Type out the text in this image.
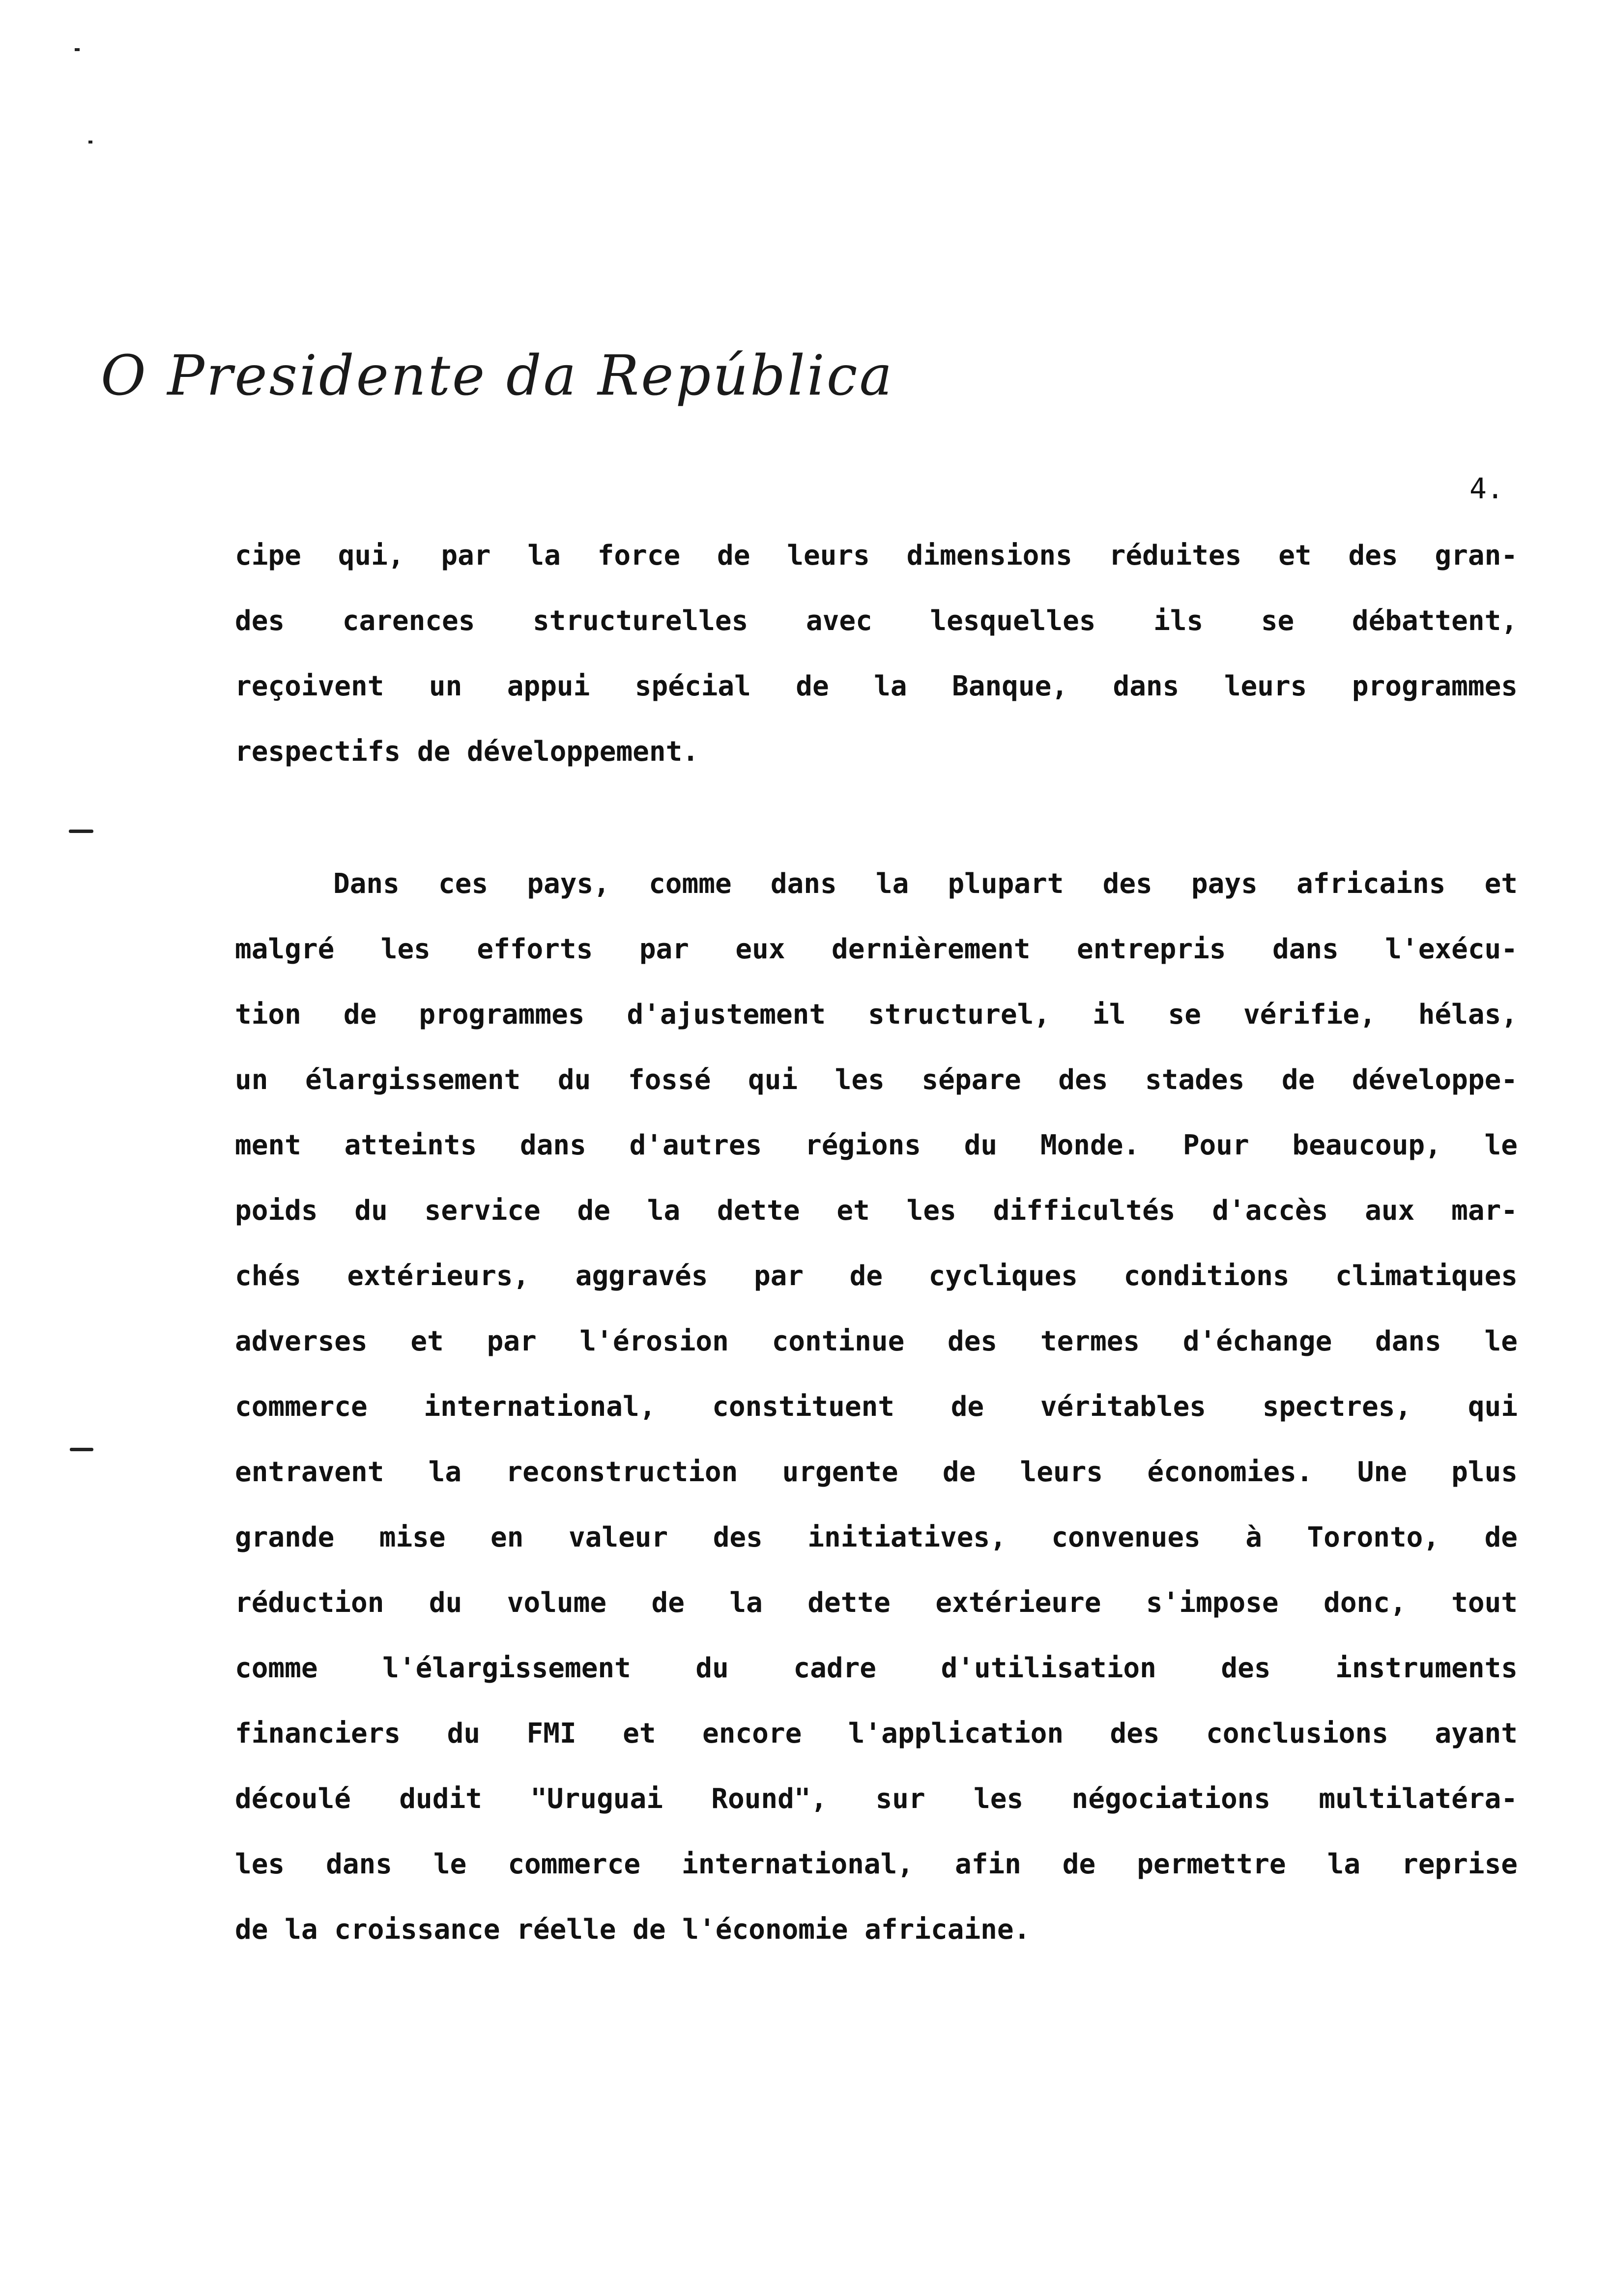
O Presidente da República
4.
cipe qui, par la force de leurs dimensions réduites et des gran-
des carences structurelles avec lesquelles ils se débattent,
reçoivent un appui spécial de la Banque, dans leurs programmes
respectifs de développement.
Dans ces pays, comme dans la plupart des pays africains et
malgré les efforts par eux dernièrement entrepris dans l'exécu-
tion de programmes d'ajustement structurel, il se vérifie, hélas,
un élargissement du fossé qui les sépare des stades de développe-
ment atteints dans d'autres régions du Monde. Pour beaucoup, le
poids du service de la dette et les difficultés d'accès aux mar-
chés extérieurs, aggravés par de cycliques conditions climatiques
adverses et par l'érosion continue des termes d'échange dans le
commerce international, constituent de véritables spectres, qui
entravent la reconstruction urgente de leurs économies. Une plus
grande mise en valeur des initiatives, convenues à Toronto, de
réduction du volume de la dette extérieure s'impose donc, tout
comme l'élargissement du cadre d'utilisation des instruments
financiers du FMI et encore l'application des conclusions ayant
découlé dudit "Uruguai Round", sur les négociations multilatéra-
les dans le commerce international, afin de permettre la reprise
de la croissance réelle de l'économie africaine.
